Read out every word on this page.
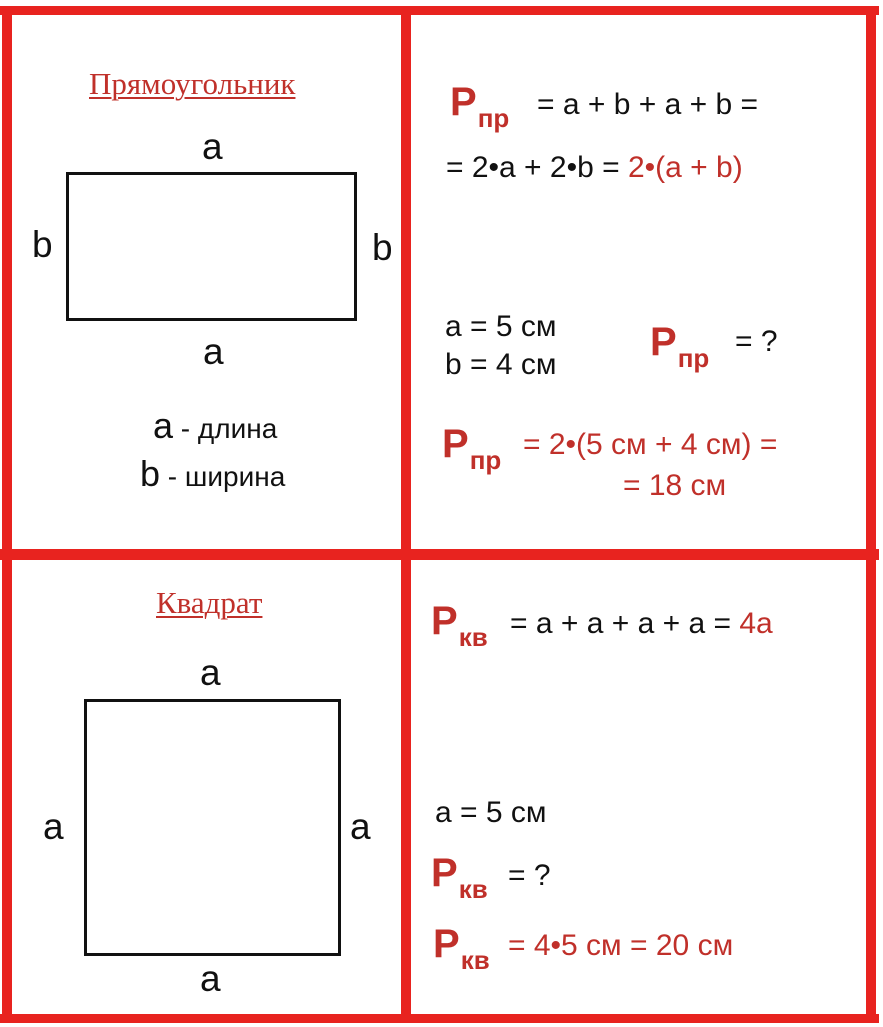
Прямоугольник
a
b	b
a
a - длина
b - ширина
$P_{пр} = a + b + a + b$ =
= 2•a + 2•b = 2•(a + b)
a = 5 см
b = 4 см
$P_{пр}$ = ?
$P_{пр}$ = 2•(5 см + 4 см) =
= 18 см
Квадрат
a
a	a
a
$P_{кв} = a + a + a + a = 4a$
a = 5 см
$P_{кв}$ = ?
$P_{кв}$ = 4•5 см = 20 см
